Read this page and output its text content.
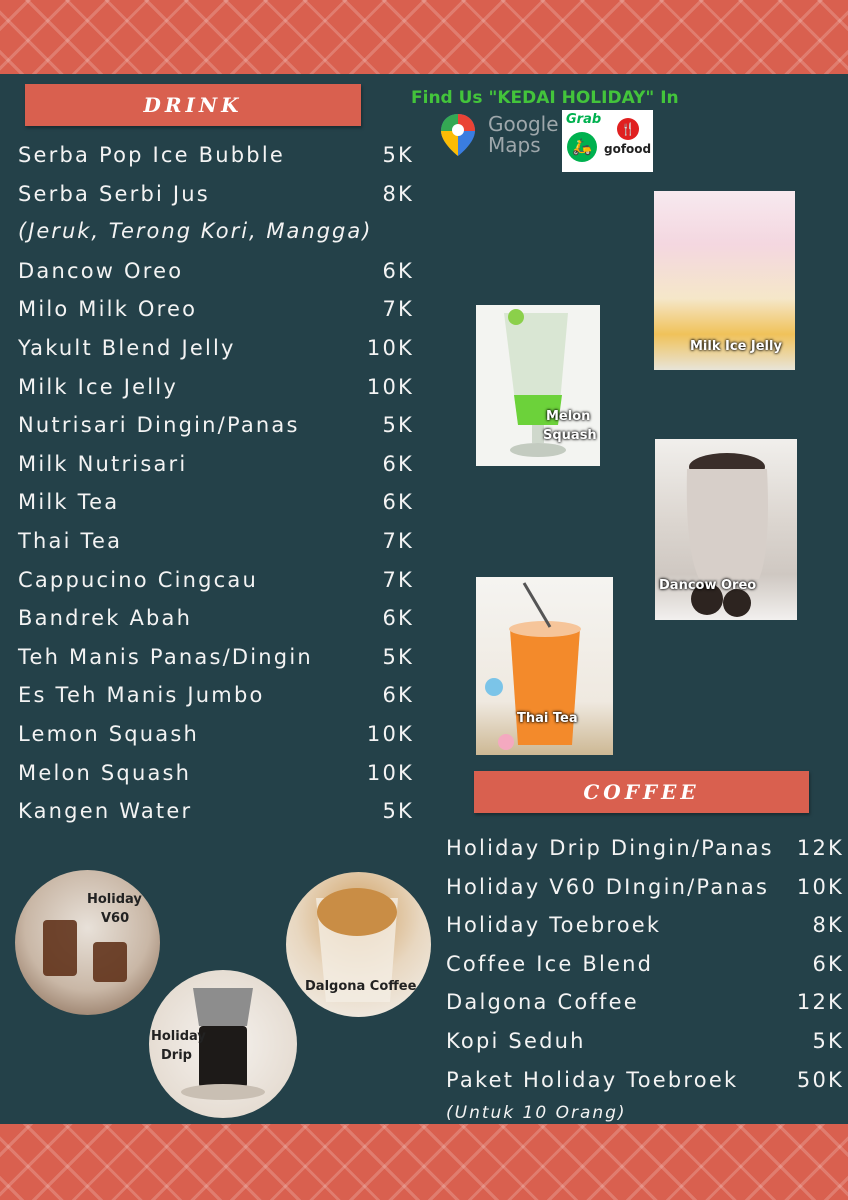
DRINK
Serba Pop Ice Bubble	5K
Serba Serbi Jus	8K
Dancow Oreo	6K
Milo Milk Oreo	7K
Yakult Blend Jelly	10K
Milk Ice Jelly	10K
Nutrisari Dingin/Panas	5K
Milk Nutrisari	6K
Milk Tea	6K
Thai Tea	7K
Cappucino Cingcau	7K
Bandrek Abah	6K
Teh Manis Panas/Dingin	5K
Es Teh Manis Jumbo	6K
Lemon Squash	10K
Melon Squash	10K
Kangen Water	5K
(Jeruk, Terong Kori, Mangga)
Find Us "KEDAI HOLIDAY" In
Google
Maps
Grab
🛵
🍴
gofood
Milk Ice Jelly
Melon
Squash
Dancow Oreo
Thai Tea
Holiday
V60
Dalgona Coffee
Holiday
Drip
COFFEE
Holiday Drip Dingin/Panas 12K
Holiday V60 DIngin/Panas 10K
Holiday Toebroek	8K
Coffee Ice Blend	6K
Dalgona Coffee	12K
Kopi Seduh	5K
Paket Holiday Toebroek	50K
(Untuk 10 Orang)
